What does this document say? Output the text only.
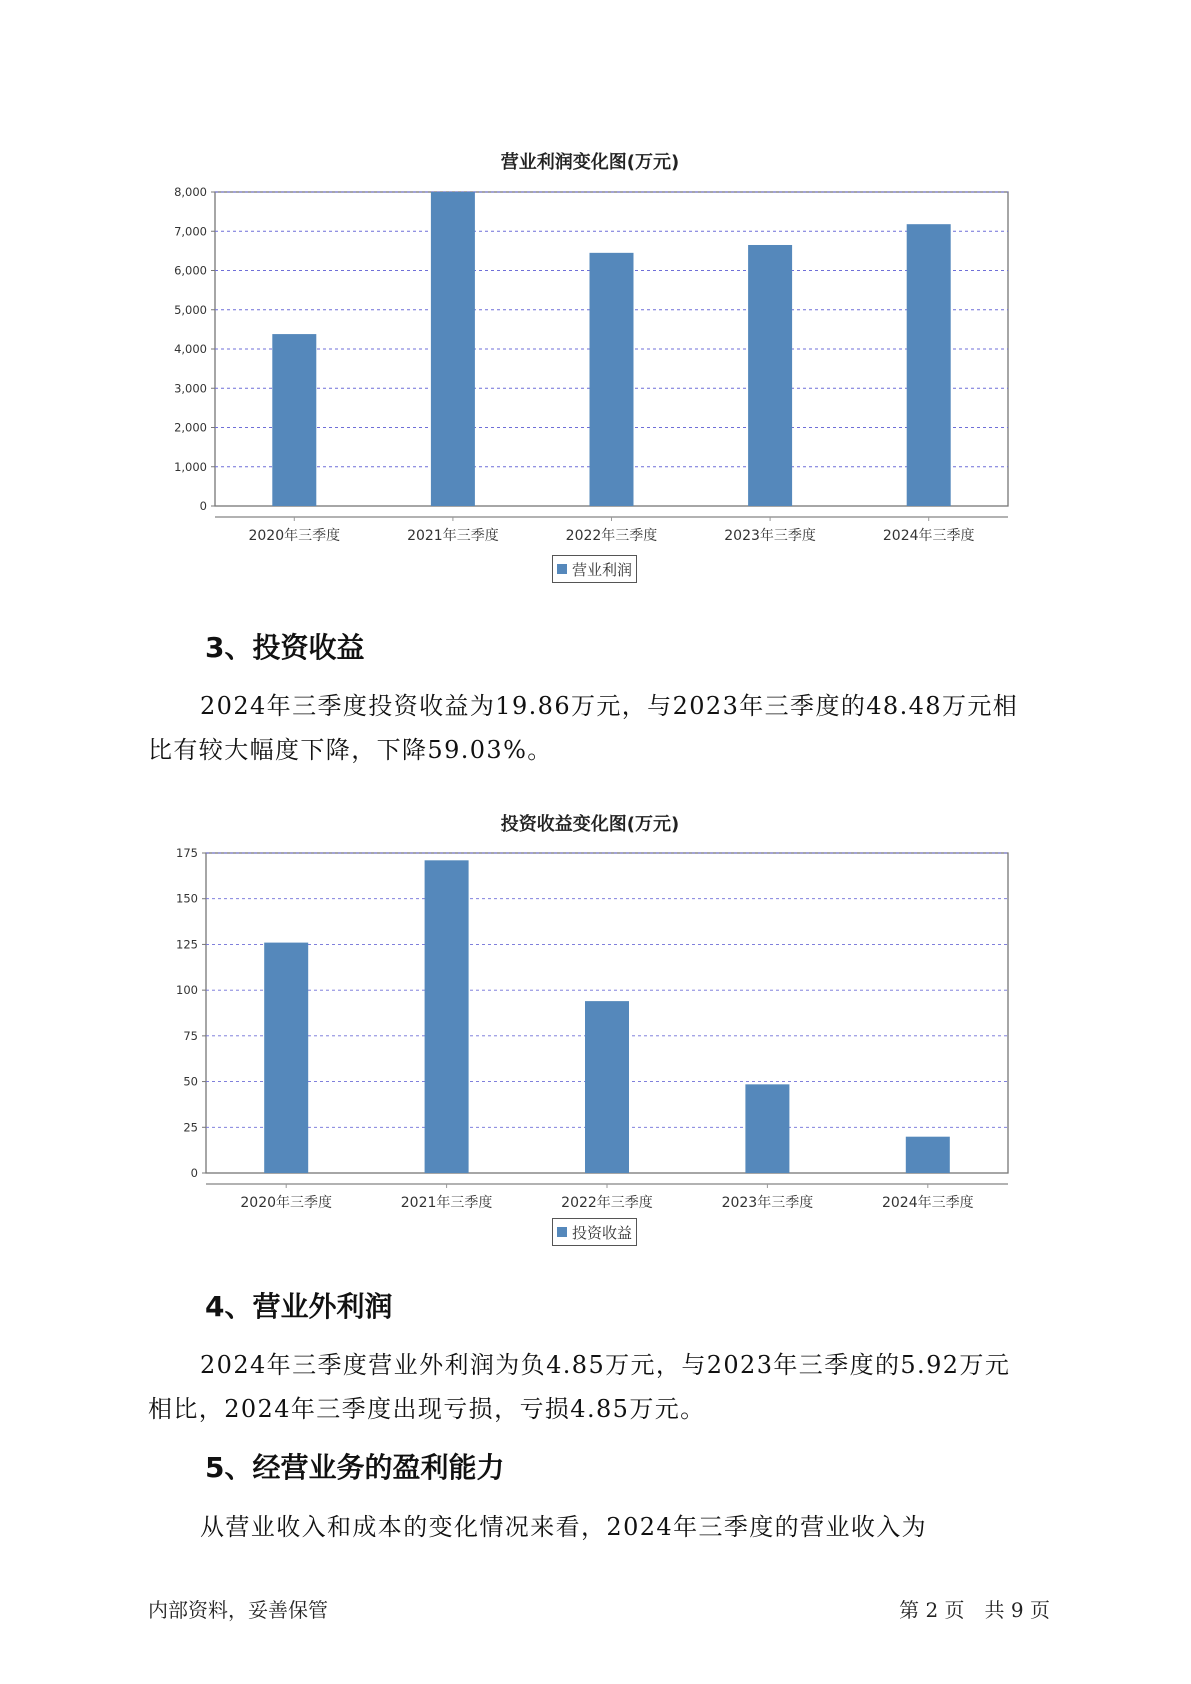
营业利润变化图(万元)
0
1,000
2,000
3,000
4,000
5,000
6,000
7,000
8,000
2020年三季度	2021年三季度	2022年三季度	2023年三季度	2024年三季度
营业利润
3、投资收益
2024年三季度投资收益为19.86万元，与2023年三季度的48.48万元相
比有较大幅度下降，下降59.03%。
投资收益变化图(万元)
0
25
50
75
100
125
150
175
2020年三季度	2021年三季度	2022年三季度	2023年三季度	2024年三季度
投资收益
4、营业外利润
2024年三季度营业外利润为负4.85万元，与2023年三季度的5.92万元
相比，2024年三季度出现亏损，亏损4.85万元。
5、经营业务的盈利能力
从营业收入和成本的变化情况来看，2024年三季度的营业收入为
内部资料，妥善保管	第 2 页　共 9 页
